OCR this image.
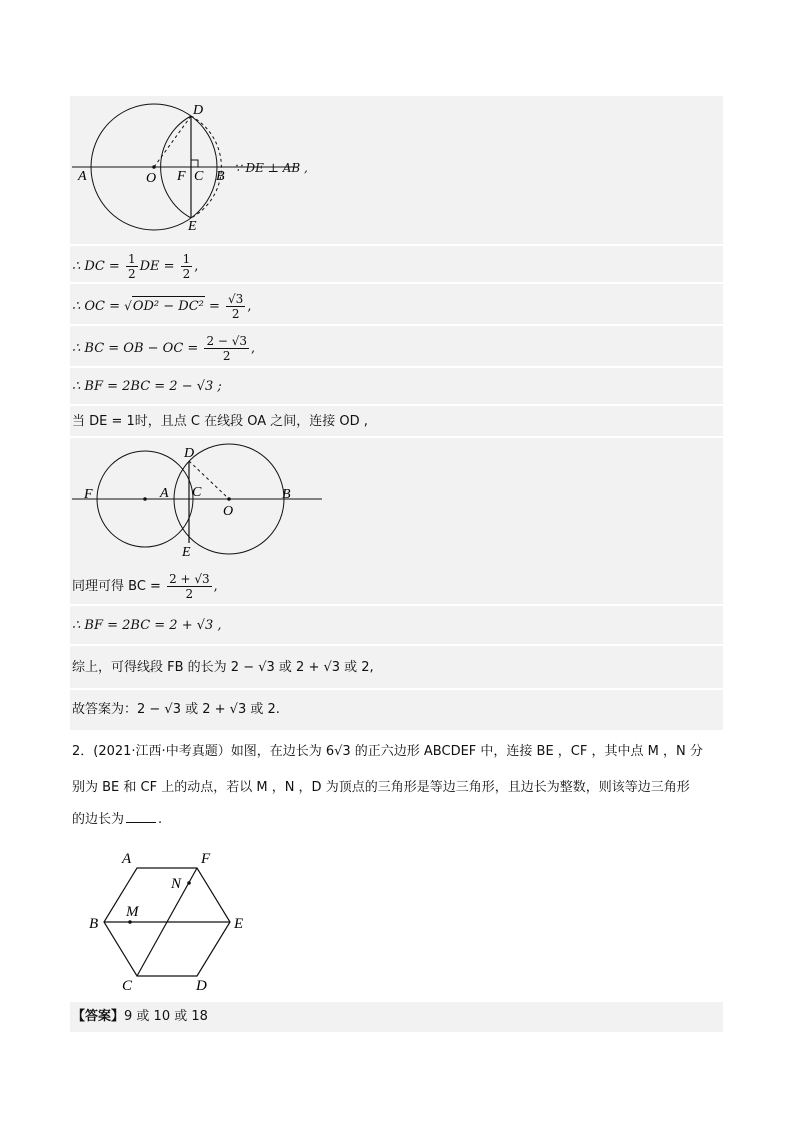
A	O F C B
D
E
∵ DE ⊥ AB ,
∴ DC = $\frac{1}{2}$ DE = $\frac{1}{2}$ ,
∴ OC = $√OD^2 - DC^2 = \frac{√3}{2}$ ,
∴ BC = OB − OC = $\frac{2 - √3}{2}$ ,
∴ BF = 2BC = 2 − √3 ;
当 DE = 1时，且点 C 在线段 OA 之间，连接 OD ,
F	A C
O
B
D
E
同理可得 BC = $\frac{2 + √3}{2}$ ,
∴ BF = 2BC = 2 + √3 ,
综上，可得线段 FB 的长为 2 − √3 或 2 + √3 或 2,
故答案为：2 − √3 或 2 + √3 或 2.
2．(2021·江西·中考真题）如图，在边长为 6√3 的正六边形 ABCDEF 中，连接 BE ，CF ，其中点 M ，N 分
别为 BE 和 CF 上的动点，若以 M ，N ，D 为顶点的三角形是等边三角形，且边长为整数，则该等边三角形
的边长为	.
A	F
N
B
M
E
C	D
【答案】9 或 10 或 18
